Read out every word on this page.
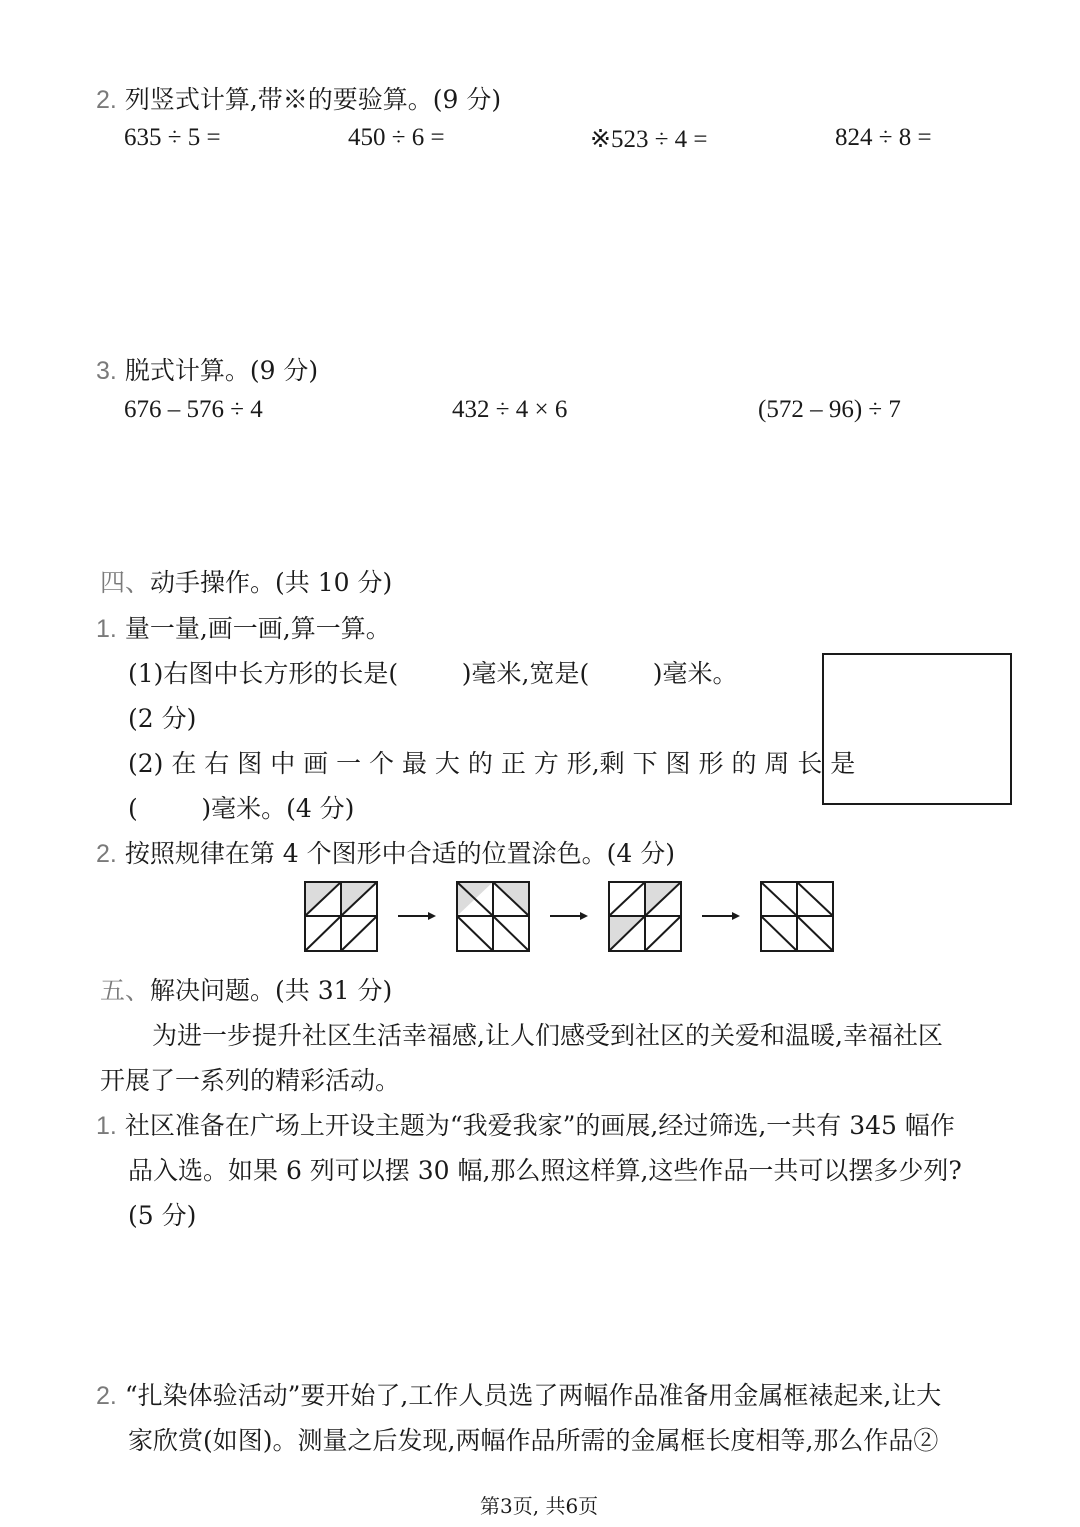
2. 列竖式计算,带※的要验算。(9 分)
635 ÷ 5 =	450 ÷ 6 =	※523 ÷ 4 =	824 ÷ 8 =
3. 脱式计算。(9 分)
676 – 576 ÷ 4	432 ÷ 4 × 6	(572 – 96) ÷ 7
四、动手操作。(共 10 分)
1. 量一量,画一画,算一算。
(1)右图中长方形的长是(        )毫米,宽是(        )毫米。
(2 分)
(2) 在 右 图 中 画 一 个 最 大 的 正 方 形,剩 下 图 形 的 周 长 是
(        )毫米。(4 分)
2. 按照规律在第 4 个图形中合适的位置涂色。(4 分)
五、解决问题。(共 31 分)
为进一步提升社区生活幸福感,让人们感受到社区的关爱和温暖,幸福社区
开展了一系列的精彩活动。
1. 社区准备在广场上开设主题为“我爱我家”的画展,经过筛选,一共有 345 幅作
品入选。如果 6 列可以摆 30 幅,那么照这样算,这些作品一共可以摆多少列?
(5 分)
2. “扎染体验活动”要开始了,工作人员选了两幅作品准备用金属框裱起来,让大
家欣赏(如图)。测量之后发现,两幅作品所需的金属框长度相等,那么作品②
第3页, 共6页
